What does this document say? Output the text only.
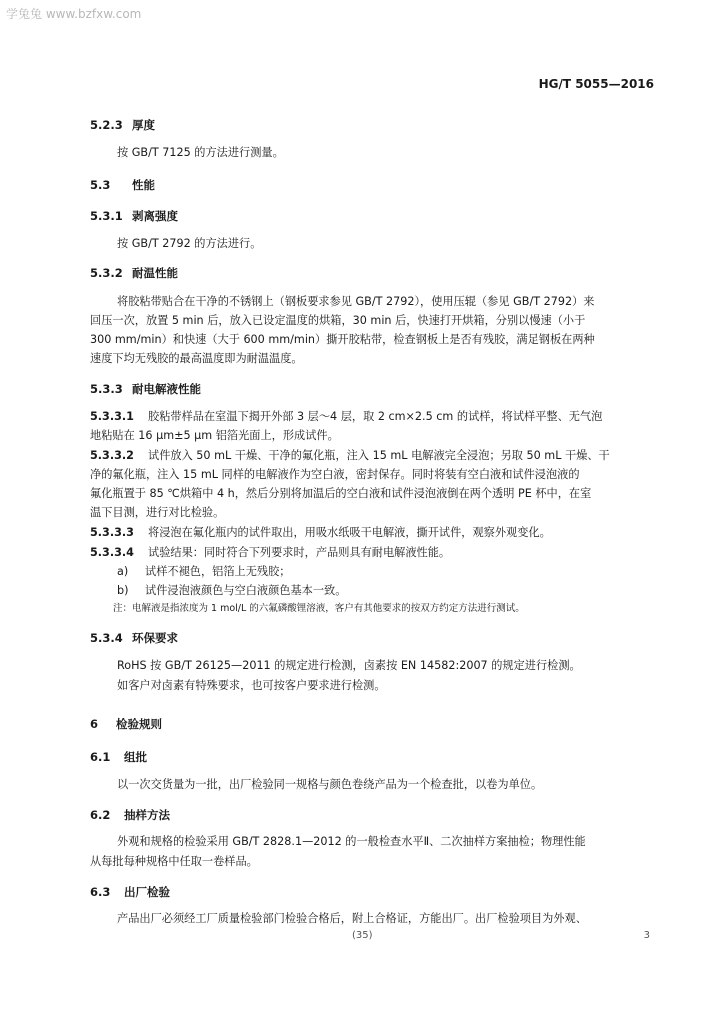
学兔兔 www.bzfxw.com
HG/T 5055—2016
5.2.3 厚度
按 GB/T 7125 的方法进行测量。
5.3 性能
5.3.1 剥离强度
按 GB/T 2792 的方法进行。
5.3.2 耐温性能
将胶粘带贴合在干净的不锈钢上（钢板要求参见 GB/T 2792），使用压辊（参见 GB/T 2792）来
回压一次，放置 5 min 后，放入已设定温度的烘箱，30 min 后，快速打开烘箱，分别以慢速（小于
300 mm/min）和快速（大于 600 mm/min）撕开胶粘带，检查钢板上是否有残胶，满足钢板在两种
速度下均无残胶的最高温度即为耐温温度。
5.3.3 耐电解液性能
5.3.3.1 胶粘带样品在室温下揭开外部 3 层～4 层，取 2 cm×2.5 cm 的试样，将试样平整、无气泡
地粘贴在 16 μm±5 μm 铝箔光面上，形成试件。
5.3.3.2 试件放入 50 mL 干燥、干净的氟化瓶，注入 15 mL 电解液完全浸泡；另取 50 mL 干燥、干
净的氟化瓶，注入 15 mL 同样的电解液作为空白液，密封保存。同时将装有空白液和试件浸泡液的
氟化瓶置于 85 ℃烘箱中 4 h，然后分别将加温后的空白液和试件浸泡液倒在两个透明 PE 杯中，在室
温下目测，进行对比检验。
5.3.3.3 将浸泡在氟化瓶内的试件取出，用吸水纸吸干电解液，撕开试件，观察外观变化。
5.3.3.4 试验结果：同时符合下列要求时，产品则具有耐电解液性能。
a) 试样不褪色，铝箔上无残胶；
b) 试件浸泡液颜色与空白液颜色基本一致。
注：电解液是指浓度为 1 mol/L 的六氟磷酸锂溶液，客户有其他要求的按双方约定方法进行测试。
5.3.4 环保要求
RoHS 按 GB/T 26125—2011 的规定进行检测，卤素按 EN 14582:2007 的规定进行检测。
如客户对卤素有特殊要求，也可按客户要求进行检测。
6 检验规则
6.1 组批
以一次交货量为一批，出厂检验同一规格与颜色卷绕产品为一个检查批，以卷为单位。
6.2 抽样方法
外观和规格的检验采用 GB/T 2828.1—2012 的一般检查水平Ⅱ、二次抽样方案抽检；物理性能
从每批每种规格中任取一卷样品。
6.3 出厂检验
产品出厂必须经工厂质量检验部门检验合格后，附上合格证，方能出厂。出厂检验项目为外观、
(35)	3
